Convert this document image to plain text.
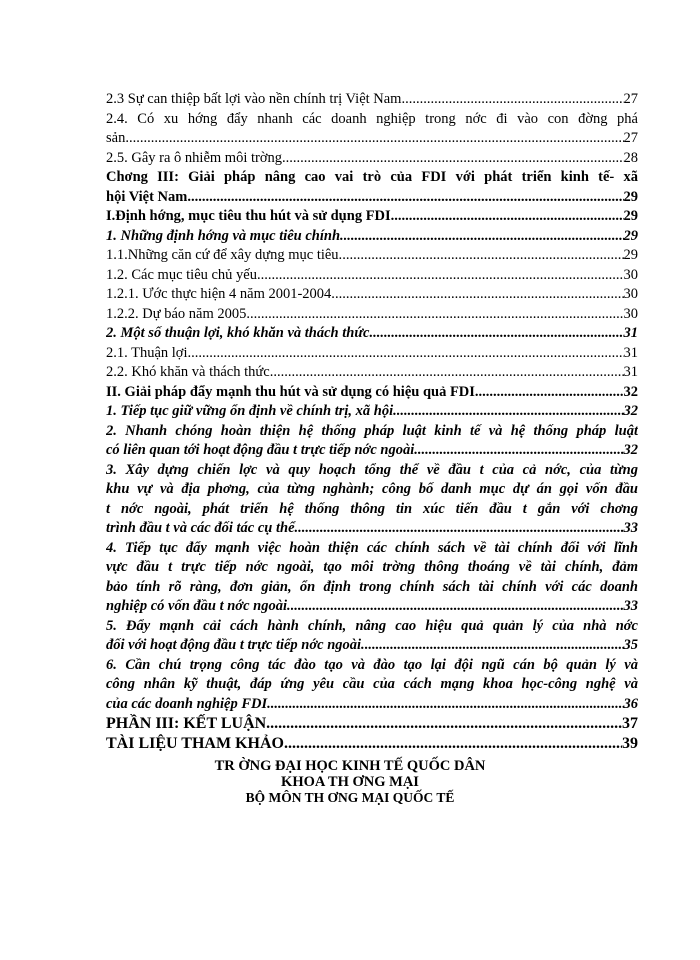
2.3 Sự can thiệp bất lợi vào nền chính trị Việt Nam. .....	27
2.4. Có xu hớng đẩy nhanh các doanh nghiệp trong nớc đi vào con đờng phá
sản .....	27
2.5. Gây ra ô nhiễm môi trờng. .....	28
Chơng III: Giải pháp nâng cao vai trò của FDI với phát triển kinh tế- xã
hội Việt Nam .....	29
I.Định hớng, mục tiêu thu hút và sử dụng FDI .....	29
1. Những định hớng và mục tiêu chính. .....	29
1.1.Những căn cứ để xây dựng mục tiêu. .....	29
1.2. Các mục tiêu chủ yếu. .....	30
1.2.1. Ước thực hiện 4 năm 2001-2004. .....	30
1.2.2. Dự báo năm 2005 .....	30
2. Một số thuận lợi, khó khăn và thách thức .....	31
2.1. Thuận lợi. .....	31
2.2. Khó khăn và thách thức. .....	31
II. Giải pháp đẩy mạnh thu hút và sử dụng có hiệu quả FDI .....	32
1. Tiếp tục giữ vững ổn định về chính trị, xã hội. .....	32
2. Nhanh chóng hoàn thiện hệ thống pháp luật kinh tế và hệ thống pháp luật
có liên quan tới hoạt động đầu t trực tiếp nớc ngoài. .....	32
3. Xây dựng chiến lợc và quy hoạch tổng thể về đầu t của cả nớc, của từng
khu vự và địa phơng, của từng nghành; công bố danh mục dự án gọi vốn đầu
t nớc ngoài, phát triển hệ thống thông tin xúc tiến đầu t gắn với chơng
trình đầu t và các đối tác cụ thể. .....	33
4. Tiếp tục đẩy mạnh việc hoàn thiện các chính sách về tài chính đối với lĩnh
vực đầu t trực tiếp nớc ngoài, tạo môi trờng thông thoáng về tài chính, đảm
bảo tính rõ ràng, đơn giản, ổn định trong chính sách tài chính với các doanh
nghiệp có vốn đầu t nớc ngoài. .....	33
5. Đẩy mạnh cải cách hành chính, nâng cao hiệu quả quản lý của nhà nớc
đối với hoạt động đầu t trực tiếp nớc ngoài. .....	35
6. Cần chú trọng công tác đào tạo và đào tạo lại đội ngũ cán bộ quản lý và
công nhân kỹ thuật, đáp ứng yêu cầu của cách mạng khoa học-công nghệ và
của các doanh nghiệp FDI .....	36
PHẦN III: KẾT LUẬN .....	37
TÀI LIỆU THAM KHẢO .....	39
TR ỜNG ĐẠI HỌC KINH TẾ QUỐC DÂN
KHOA TH ƠNG MẠI
BỘ MÔN TH ƠNG MẠI QUỐC TẾ
